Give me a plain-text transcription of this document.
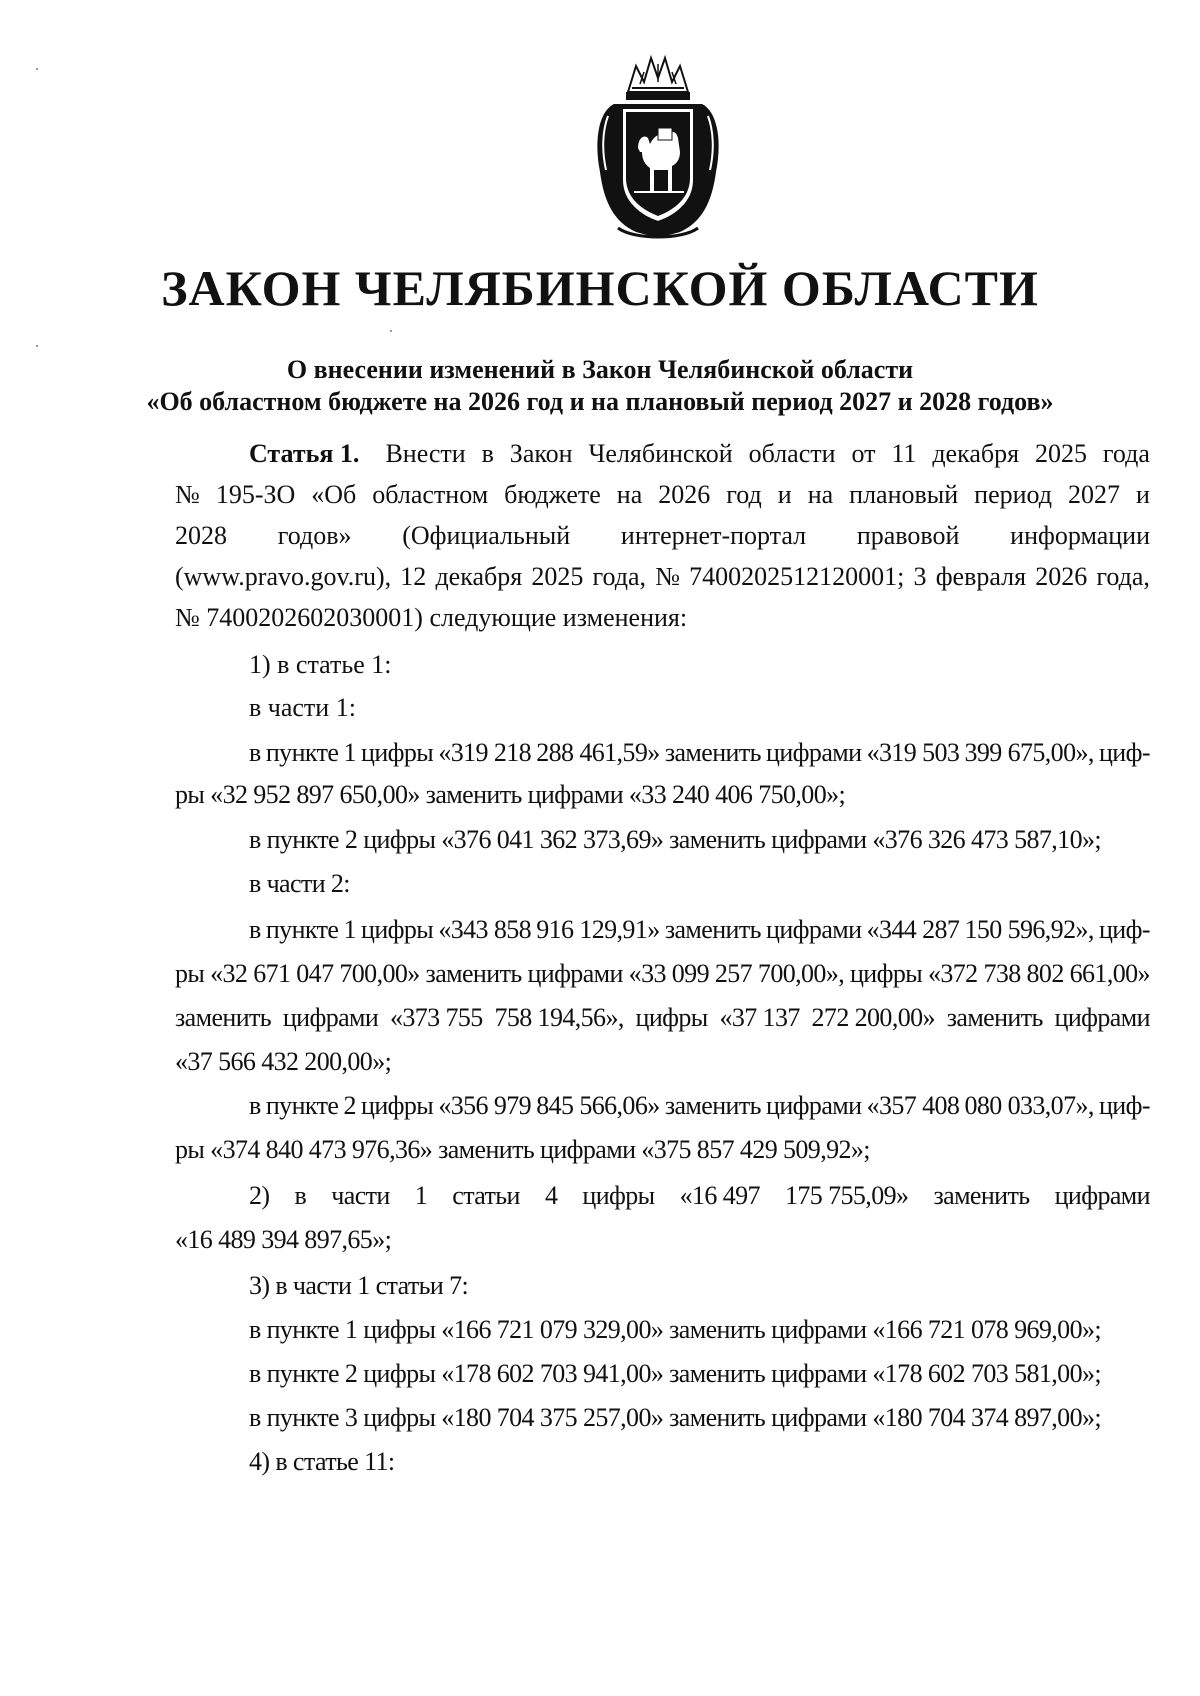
ЗАКОН ЧЕЛЯБИНСКОЙ ОБЛАСТИ
О внесении изменений в Закон Челябинской области
«Об областном бюджете на 2026 год и на плановый период 2027 и 2028 годов»
Статья 1. Внести в Закон Челябинской области от 11 декабря 2025 года
№ 195-ЗО «Об областном бюджете на 2026 год и на плановый период 2027 и
2028 годов» (Официальный интернет-портал правовой информации
(www.pravo.gov.ru), 12 декабря 2025 года, № 7400202512120001; 3 февраля 2026 года,
№ 7400202602030001) следующие изменения:
1) в статье 1:
в части 1:
в пункте 1 цифры «319 218 288 461,59» заменить цифрами «319 503 399 675,00», циф-
ры «32 952 897 650,00» заменить цифрами «33 240 406 750,00»;
в пункте 2 цифры «376 041 362 373,69» заменить цифрами «376 326 473 587,10»;
в части 2:
в пункте 1 цифры «343 858 916 129,91» заменить цифрами «344 287 150 596,92», циф-
ры «32 671 047 700,00» заменить цифрами «33 099 257 700,00», цифры «372 738 802 661,00»
заменить цифрами «373 755 758 194,56», цифры «37 137 272 200,00» заменить цифрами
«37 566 432 200,00»;
в пункте 2 цифры «356 979 845 566,06» заменить цифрами «357 408 080 033,07», циф-
ры «374 840 473 976,36» заменить цифрами «375 857 429 509,92»;
2) в части 1 статьи 4 цифры «16 497 175 755,09» заменить цифрами
«16 489 394 897,65»;
3) в части 1 статьи 7:
в пункте 1 цифры «166 721 079 329,00» заменить цифрами «166 721 078 969,00»;
в пункте 2 цифры «178 602 703 941,00» заменить цифрами «178 602 703 581,00»;
в пункте 3 цифры «180 704 375 257,00» заменить цифрами «180 704 374 897,00»;
4) в статье 11:
